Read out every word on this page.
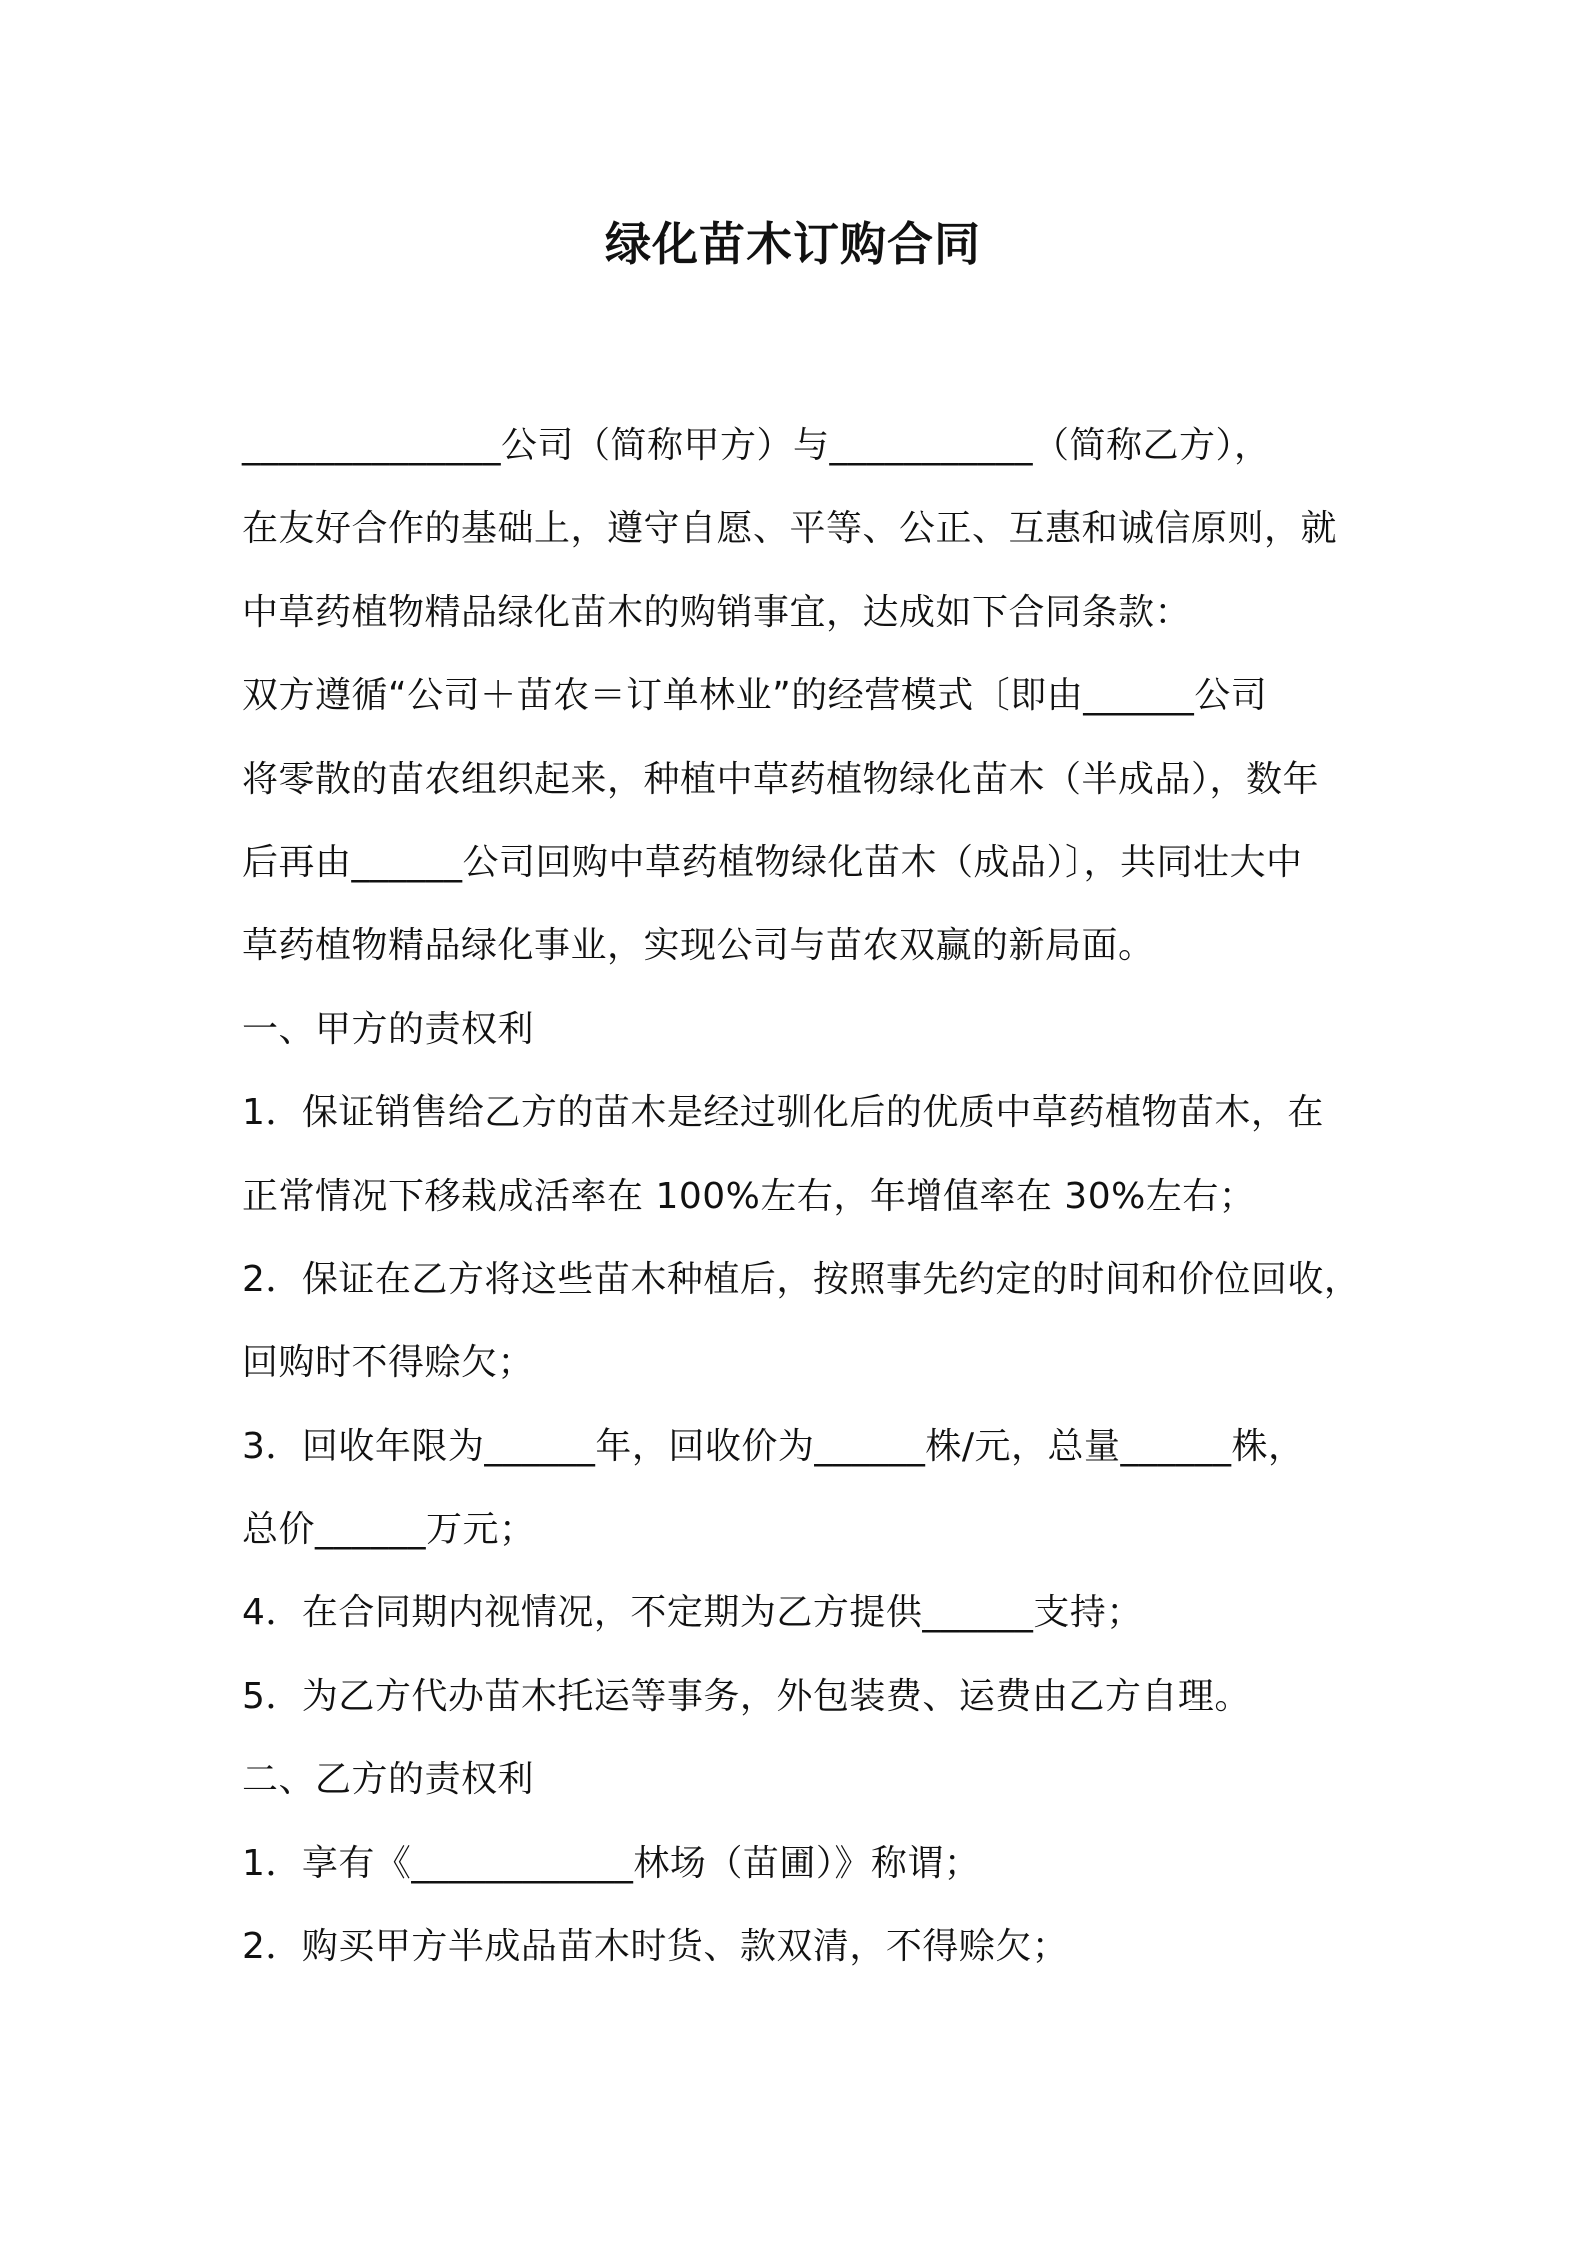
绿化苗木订购合同
______________公司（简称甲方）与___________（简称乙方），
在友好合作的基础上，遵守自愿、平等、公正、互惠和诚信原则，就
中草药植物精品绿化苗木的购销事宜，达成如下合同条款：
双方遵循“公司＋苗农＝订单林业”的经营模式〔即由______公司
将零散的苗农组织起来，种植中草药植物绿化苗木（半成品），数年
后再由______公司回购中草药植物绿化苗木（成品）〕，共同壮大中
草药植物精品绿化事业，实现公司与苗农双赢的新局面。
一、甲方的责权利
1．保证销售给乙方的苗木是经过驯化后的优质中草药植物苗木，在
正常情况下移栽成活率在 100%左右，年增值率在 30%左右；
2．保证在乙方将这些苗木种植后，按照事先约定的时间和价位回收，
回购时不得赊欠；
3．回收年限为______年，回收价为______株/元，总量______株，
总价______万元；
4．在合同期内视情况，不定期为乙方提供______支持；
5．为乙方代办苗木托运等事务，外包装费、运费由乙方自理。
二、乙方的责权利
1．享有《____________林场（苗圃）》称谓；
2．购买甲方半成品苗木时货、款双清，不得赊欠；
